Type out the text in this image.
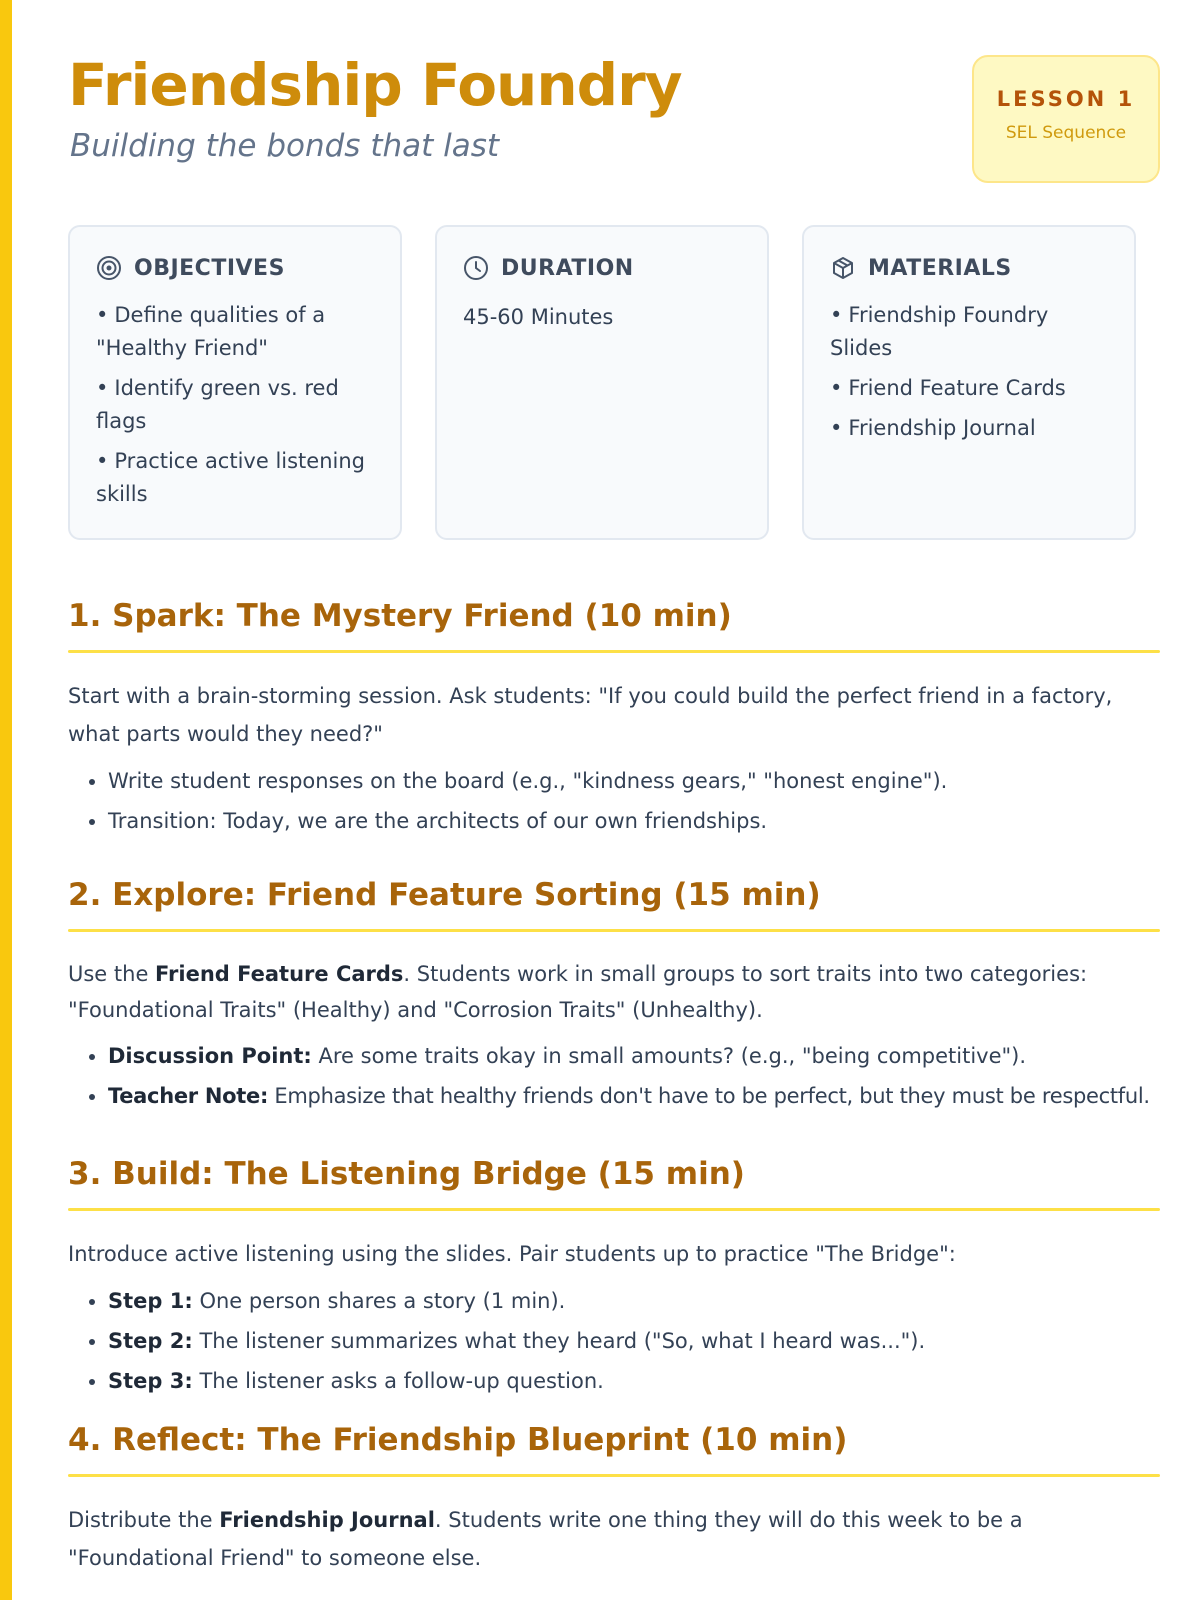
Friendship Foundry

Building the bonds that last

LESSON 1
SEL Sequence
OBJECTIVES
• Define qualities of a "Healthy Friend"
• Identify green vs. red flags
• Practice active listening skills
DURATION
45-60 Minutes
MATERIALS
• Friendship Foundry Slides
• Friend Feature Cards
• Friendship Journal
1. Spark: The Mystery Friend (10 min)

Start with a brain-storming session. Ask students: "If you could build the perfect friend in a factory, what parts would they need?"

• Write student responses on the board (e.g., "kindness gears," "honest engine").
• Transition: Today, we are the architects of our own friendships.
2. Explore: Friend Feature Sorting (15 min)

Use the Friend Feature Cards. Students work in small groups to sort traits into two categories: "Foundational Traits" (Healthy) and "Corrosion Traits" (Unhealthy).

• Discussion Point: Are some traits okay in small amounts? (e.g., "being competitive").
• Teacher Note: Emphasize that healthy friends don't have to be perfect, but they must be respectful.
3. Build: The Listening Bridge (15 min)

Introduce active listening using the slides. Pair students up to practice "The Bridge":

• Step 1: One person shares a story (1 min).
• Step 2: The listener summarizes what they heard ("So, what I heard was...").
• Step 3: The listener asks a follow-up question.
4. Reflect: The Friendship Blueprint (10 min)

Distribute the Friendship Journal. Students write one thing they will do this week to be a "Foundational Friend" to someone else.
